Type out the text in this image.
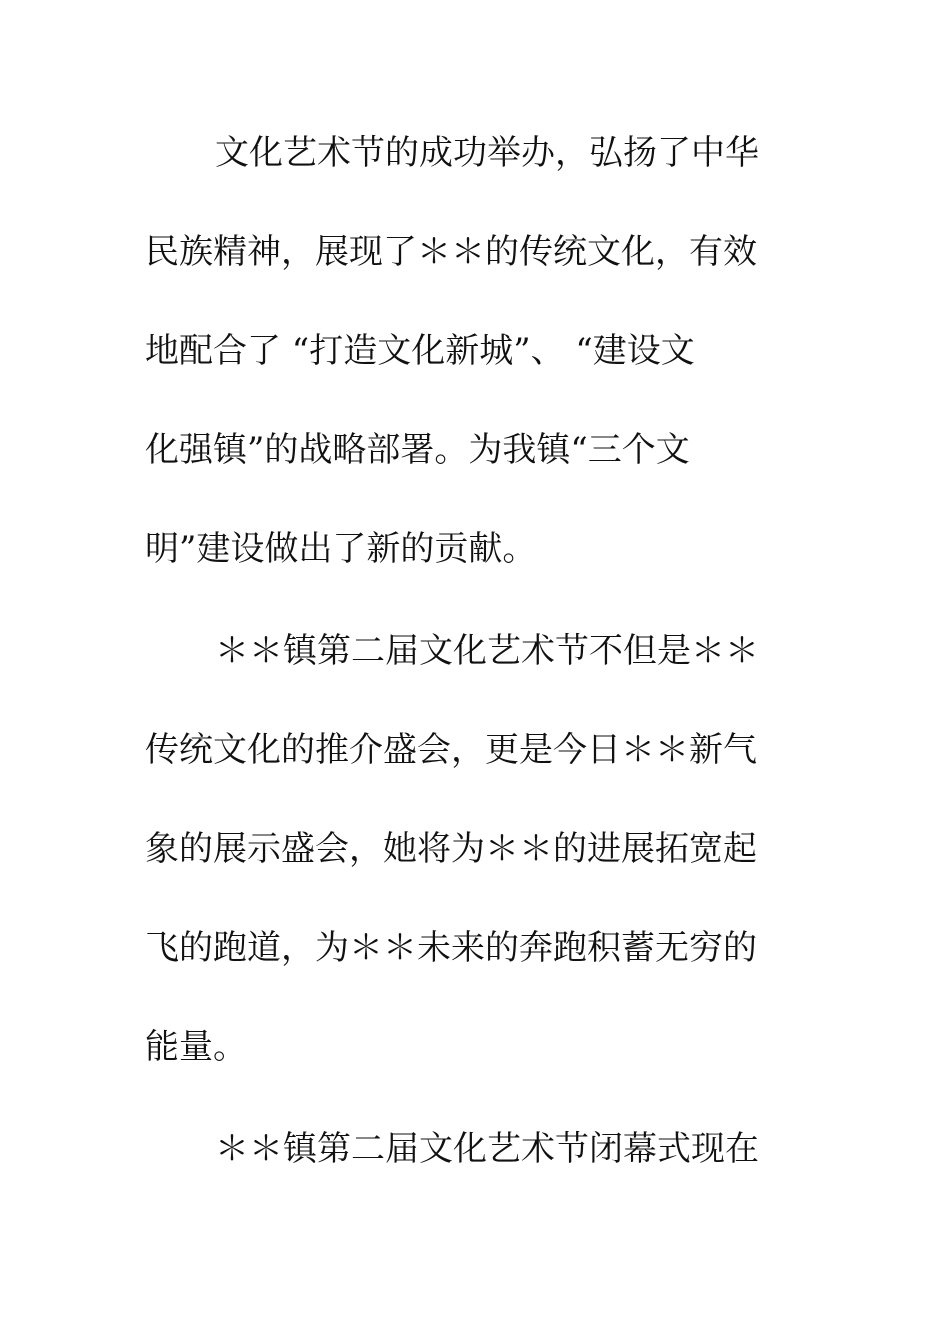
文化艺术节的成功举办，弘扬了中华
民族精神，展现了＊＊的传统文化，有效
地配合了 “打造文化新城”、 “建设文
化强镇”的战略部署。为我镇“三个文
明”建设做出了新的贡献。
＊＊镇第二届文化艺术节不但是＊＊
传统文化的推介盛会，更是今日＊＊新气
象的展示盛会，她将为＊＊的进展拓宽起
飞的跑道，为＊＊未来的奔跑积蓄无穷的
能量。
＊＊镇第二届文化艺术节闭幕式现在
